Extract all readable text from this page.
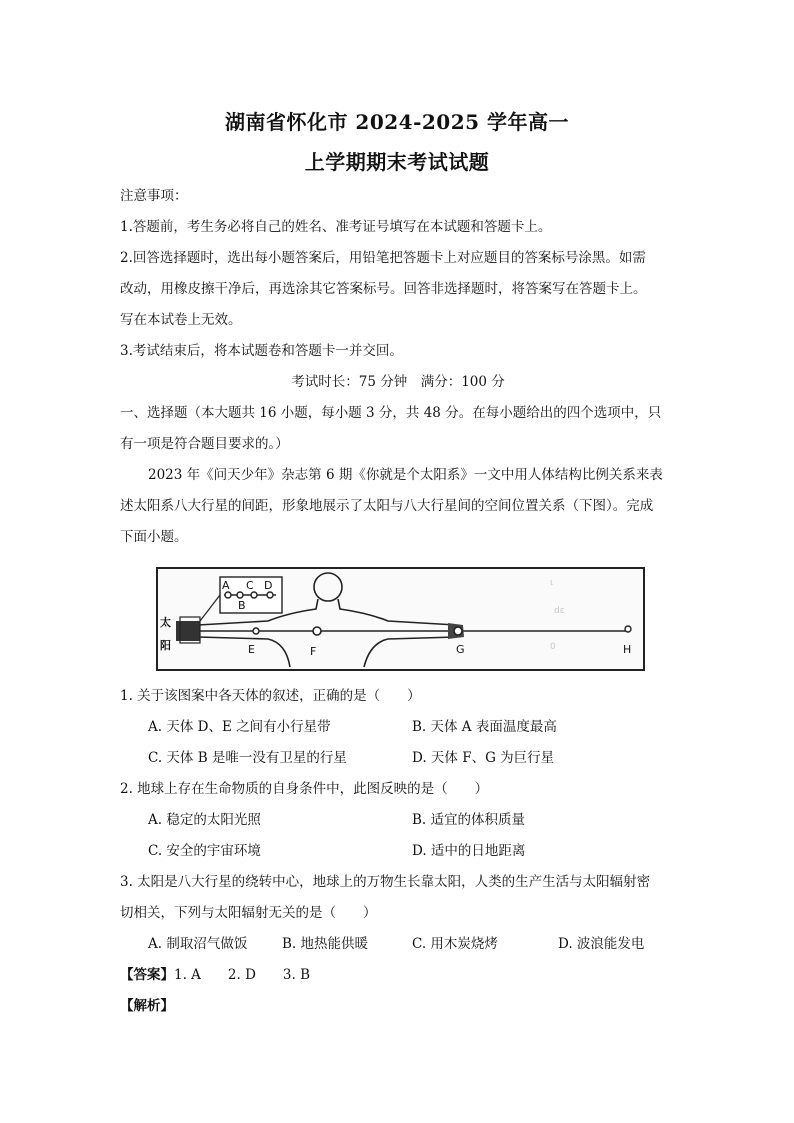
湖南省怀化市 2024-2025 学年高一
上学期期末考试试题
注意事项：
1.答题前，考生务必将自己的姓名、准考证号填写在本试题和答题卡上。
2.回答选择题时，选出每小题答案后，用铅笔把答题卡上对应题目的答案标号涂黑。如需
改动，用橡皮擦干净后，再选涂其它答案标号。回答非选择题时，将答案写在答题卡上。
写在本试卷上无效。
3.考试结束后，将本试题卷和答题卡一并交回。
考试时长：75 分钟　满分：100 分
一、选择题（本大题共 16 小题，每小题 3 分，共 48 分。在每小题给出的四个选项中，只
有一项是符合题目要求的。）
2023 年《问天少年》杂志第 6 期《你就是个太阳系》一文中用人体结构比例关系来表
述太阳系八大行星的间距，形象地展示了太阳与八大行星间的空间位置关系（下图）。完成
下面小题。
太
阳
A C D
B
E	F	G	H
ι
dε
0
1. 关于该图案中各天体的叙述，正确的是（　　）
A. 天体 D、E 之间有小行星带	B. 天体 A 表面温度最高
C. 天体 B 是唯一没有卫星的行星	D. 天体 F、G 为巨行星
2. 地球上存在生命物质的自身条件中，此图反映的是（　　）
A. 稳定的太阳光照	B. 适宜的体积质量
C. 安全的宇宙环境	D. 适中的日地距离
3. 太阳是八大行星的绕转中心，地球上的万物生长靠太阳，人类的生产生活与太阳辐射密
切相关，下列与太阳辐射无关的是（　　）
A. 制取沼气做饭	B. 地热能供暖	C. 用木炭烧烤	D. 波浪能发电
【答案】1. A　　2. D　　3. B
【解析】
